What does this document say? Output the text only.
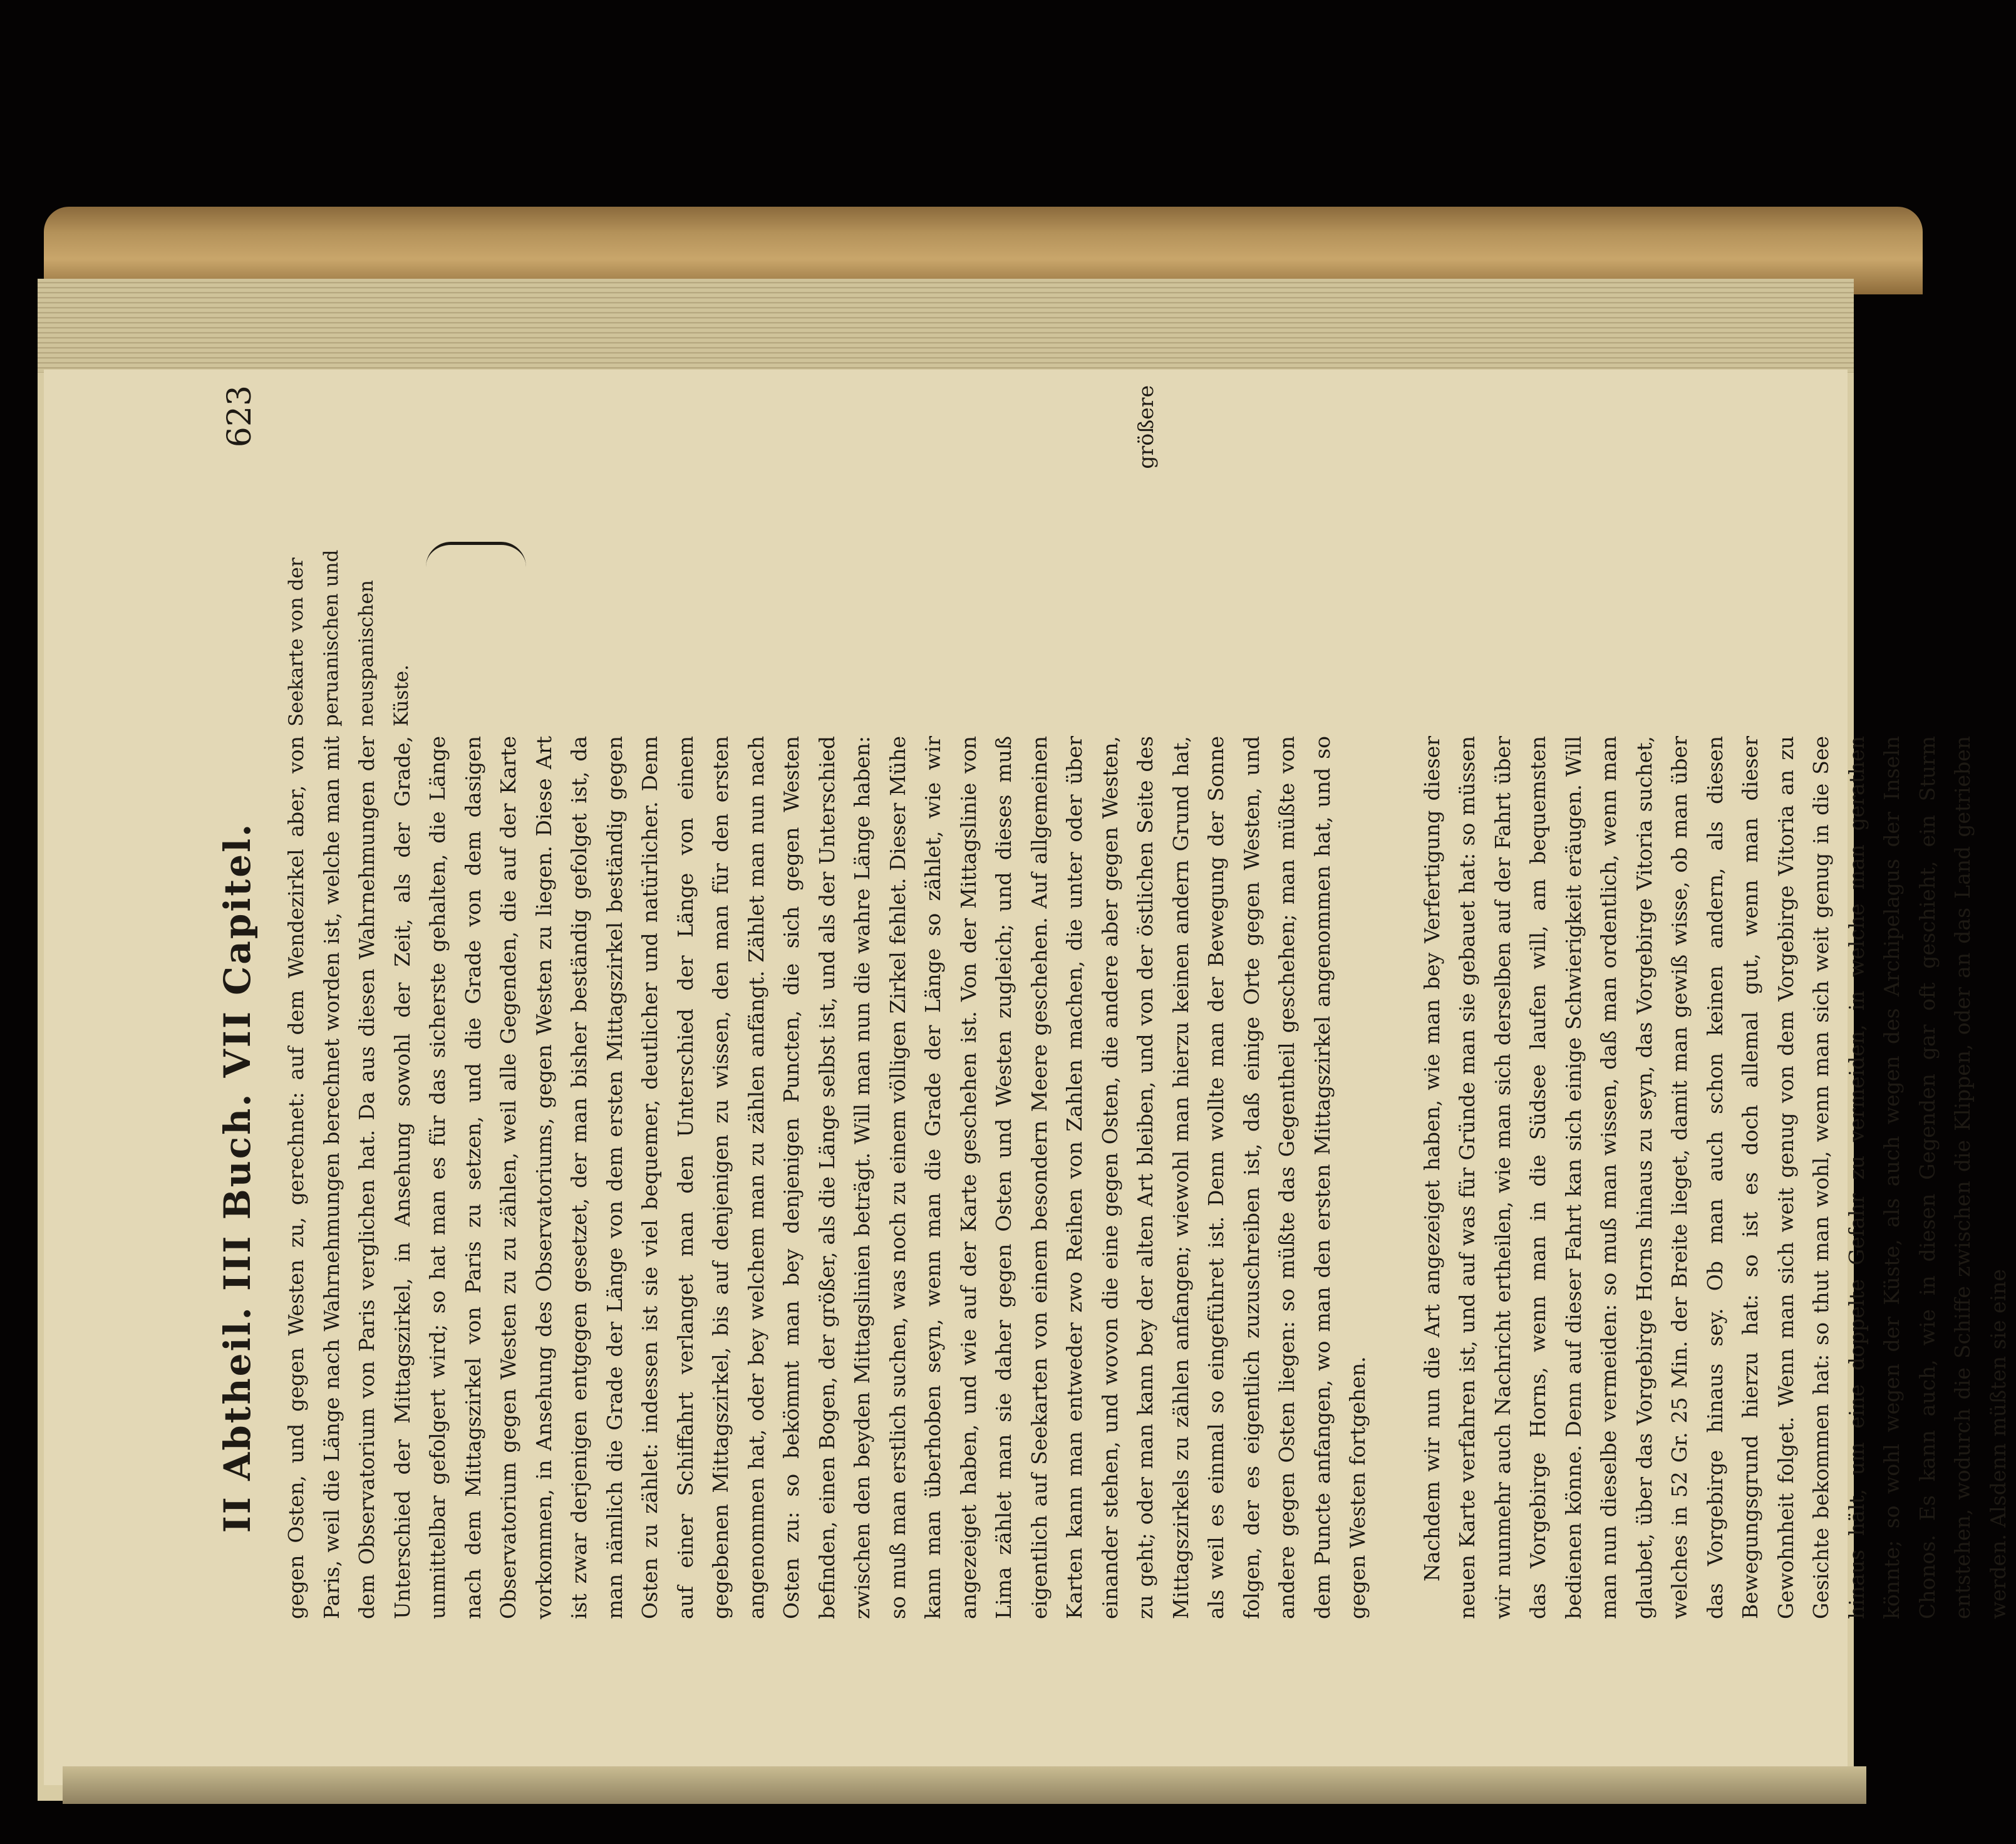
II Abtheil. III Buch. VII Capitel.
623

gegen Osten, und gegen Westen zu, gerechnet: auf dem Wendezirkel aber, von Paris, weil die Länge nach Wahrnehmungen berechnet worden ist, welche man mit dem Observatorium von Paris verglichen hat. Da aus diesen Wahrnehmungen der Unterschied der Mittagszirkel, in Ansehung sowohl der Zeit, als der Grade, unmittelbar gefolgert wird; so hat man es für das sicherste gehalten, die Länge nach dem Mittagszirkel von Paris zu setzen, und die Grade von dem dasigen Observatorium gegen Westen zu zu zählen, weil alle Gegenden, die auf der Karte vorkommen, in Ansehung des Observatoriums, gegen Westen zu liegen. Diese Art ist zwar derjenigen entgegen gesetzet, der man bisher beständig gefolget ist, da man nämlich die Grade der Länge von dem ersten Mittagszirkel beständig gegen Osten zu zählet: indessen ist sie viel bequemer, deutlicher und natürlicher. Denn auf einer Schiffahrt verlanget man den Unterschied der Länge von einem gegebenen Mittagszirkel, bis auf denjenigen zu wissen, den man für den ersten angenommen hat, oder bey welchem man zu zählen anfängt. Zählet man nun nach Osten zu: so bekömmt man bey denjenigen Puncten, die sich gegen Westen befinden, einen Bogen, der größer, als die Länge selbst ist, und als der Unterschied zwischen den beyden Mittagslinien beträgt. Will man nun die wahre Länge haben: so muß man erstlich suchen, was noch zu einem völligen Zirkel fehlet. Dieser Mühe kann man überhoben seyn, wenn man die Grade der Länge so zählet, wie wir angezeiget haben, und wie auf der Karte geschehen ist. Von der Mittagslinie von Lima zählet man sie daher gegen Osten und Westen zugleich; und dieses muß eigentlich auf Seekarten von einem besondern Meere geschehen. Auf allgemeinen Karten kann man entweder zwo Reihen von Zahlen machen, die unter oder über einander stehen, und wovon die eine gegen Osten, die andere aber gegen Westen, zu geht; oder man kann bey der alten Art bleiben, und von der östlichen Seite des Mittagszirkels zu zählen anfangen; wiewohl man hierzu keinen andern Grund hat, als weil es einmal so eingeführet ist. Denn wollte man der Bewegung der Sonne folgen, der es eigentlich zuzuschreiben ist, daß einige Orte gegen Westen, und andere gegen Osten liegen: so müßte das Gegentheil geschehen; man müßte von dem Puncte anfangen, wo man den ersten Mittagszirkel angenommen hat, und so gegen Westen fortgehen. Nachdem wir nun die Art angezeiget haben, wie man bey Verfertigung dieser neuen Karte verfahren ist, und auf was für Gründe man sie gebauet hat: so müssen wir nunmehr auch Nachricht ertheilen, wie man sich derselben auf der Fahrt über das Vorgebirge Horns, wenn man in die Südsee laufen will, am bequemsten bedienen könne. Denn auf dieser Fahrt kan sich einige Schwierigkeit eräugen. Will man nun dieselbe vermeiden: so muß man wissen, daß man ordentlich, wenn man glaubet, über das Vorgebirge Horns hinaus zu seyn, das Vorgebirge Vitoria suchet, welches in 52 Gr. 25 Min. der Breite lieget, damit man gewiß wisse, ob man über das Vorgebirge hinaus sey. Ob man auch schon keinen andern, als diesen Bewegungsgrund hierzu hat: so ist es doch allemal gut, wenn man dieser Gewohnheit folget. Wenn man sich weit genug von dem Vorgebirge Vitoria an zu Gesichte bekommen hat: so thut man wohl, wenn man sich weit genug in die See hinaus hält, um eine doppelte Gefahr zu vermeiden, in welche man gerathen könnte; so wohl wegen der Küste, als auch wegen des Archipelagus der Inseln Chonos. Es kann auch, wie in diesen Gegenden gar oft geschieht, ein Sturm entstehen, wodurch die Schiffe zwischen die Klippen, oder an das Land getrieben werden. Alsdenn müßten sie eine

Seekarte von der peruanischen und neuspanischen Küste.
größere
